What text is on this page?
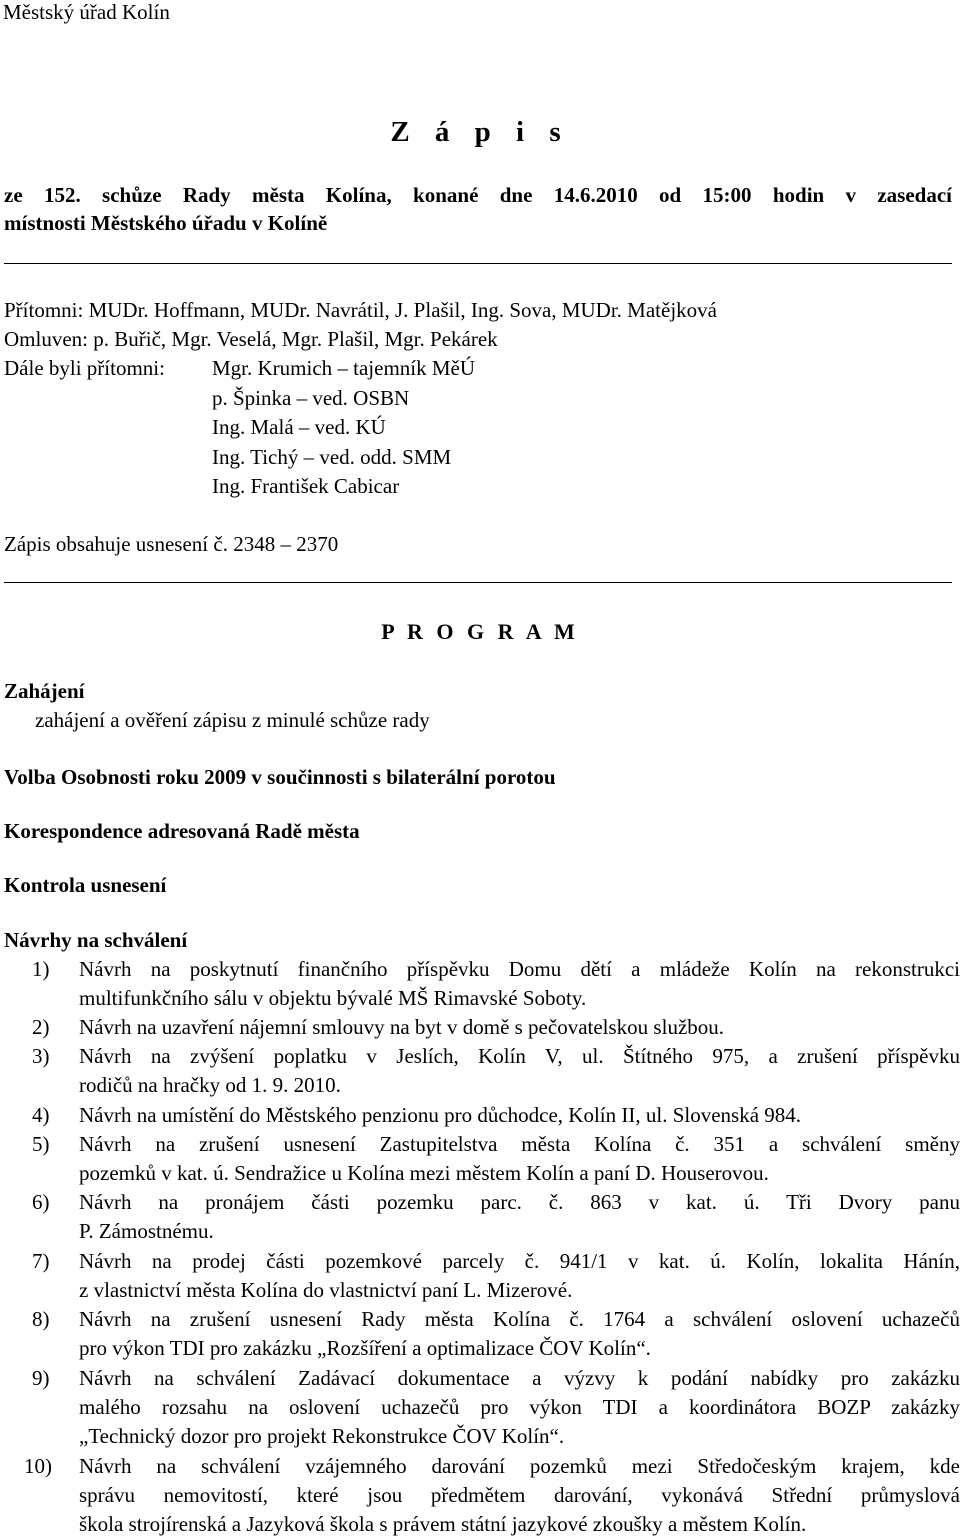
Městský úřad Kolín
Z á p i s
ze 152. schůze Rady města Kolína, konané dne 14.6.2010 od 15:00 hodin v zasedací
místnosti Městského úřadu v Kolíně
Přítomni: MUDr. Hoffmann, MUDr. Navrátil, J. Plašil, Ing. Sova, MUDr. Matějková
Omluven: p. Buřič, Mgr. Veselá, Mgr. Plašil, Mgr. Pekárek
Dále byli přítomni: Mgr. Krumich – tajemník MěÚ
p. Špinka – ved. OSBN
Ing. Malá – ved. KÚ
Ing. Tichý – ved. odd. SMM
Ing. František Cabicar
Zápis obsahuje usnesení č. 2348 – 2370
P R O G R A M
Zahájení
zahájení a ověření zápisu z minulé schůze rady
Volba Osobnosti roku 2009 v součinnosti s bilaterální porotou
Korespondence adresovaná Radě města
Kontrola usnesení
Návrhy na schválení
1)	Návrh na poskytnutí finančního příspěvku Domu dětí a mládeže Kolín na rekonstrukci
multifunkčního sálu v objektu bývalé MŠ Rimavské Soboty.
2)	Návrh na uzavření nájemní smlouvy na byt v domě s pečovatelskou službou.
3)	Návrh na zvýšení poplatku v Jeslích, Kolín V, ul. Štítného 975, a zrušení příspěvku
rodičů na hračky od 1. 9. 2010.
4)	Návrh na umístění do Městského penzionu pro důchodce, Kolín II, ul. Slovenská 984.
5)	Návrh na zrušení usnesení Zastupitelstva města Kolína č. 351 a schválení směny
pozemků v kat. ú. Sendražice u Kolína mezi městem Kolín a paní D. Houserovou.
6)	Návrh na pronájem části pozemku parc. č. 863 v kat. ú. Tři Dvory panu
P. Zámostnému.
7)	Návrh na prodej části pozemkové parcely č. 941/1 v kat. ú. Kolín, lokalita Hánín,
z vlastnictví města Kolína do vlastnictví paní L. Mizerové.
8)	Návrh na zrušení usnesení Rady města Kolína č. 1764 a schválení oslovení uchazečů
pro výkon TDI pro zakázku „Rozšíření a optimalizace ČOV Kolín“.
9)	Návrh na schválení Zadávací dokumentace a výzvy k podání nabídky pro zakázku
malého rozsahu na oslovení uchazečů pro výkon TDI a koordinátora BOZP zakázky
„Technický dozor pro projekt Rekonstrukce ČOV Kolín“.
10)	Návrh na schválení vzájemného darování pozemků mezi Středočeským krajem, kde
správu nemovitostí, které jsou předmětem darování, vykonává Střední průmyslová
škola strojírenská a Jazyková škola s právem státní jazykové zkoušky a městem Kolín.
